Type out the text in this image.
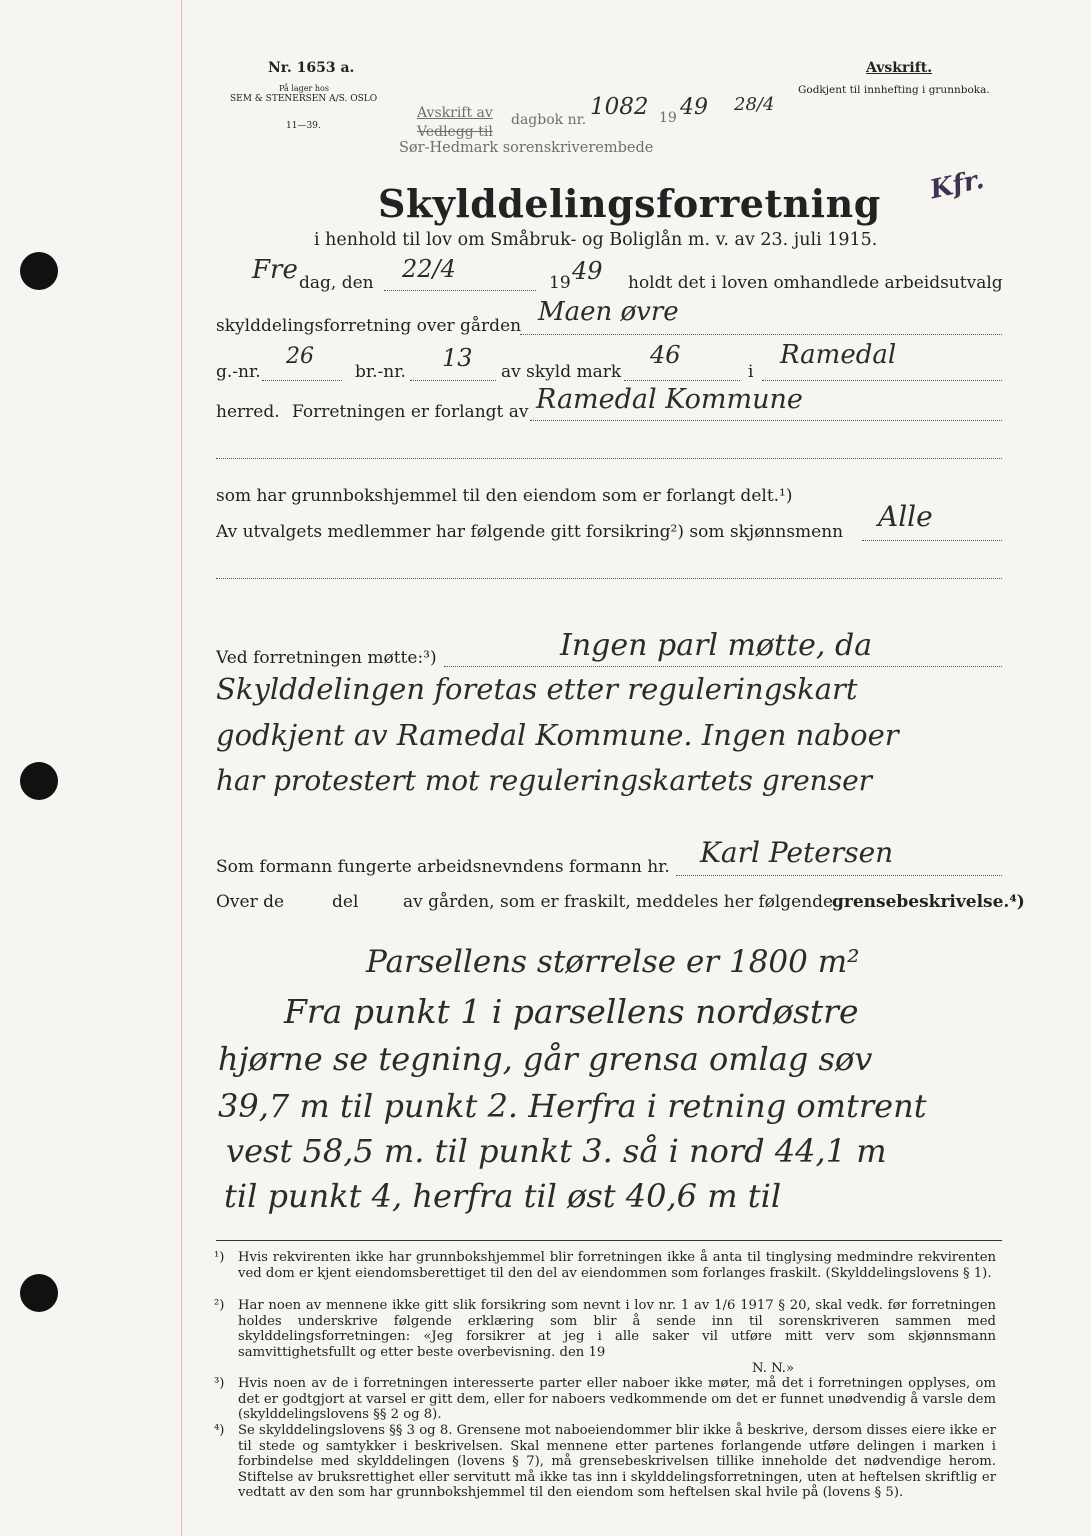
Nr. 1653 a.
På lager hos
SEM & STENERSEN A/S. OSLO
11—39.
Avskrift.
Godkjent til innhefting i grunnboka.
Avskrift av
Vedlegg til
dagbok nr. 1082 19 49 28/4
Sør-Hedmark sorenskriverembede
Kfr.
Skylddelingsforretning
i henhold til lov om Småbruk- og Boliglån m. v. av 23. juli 1915.
Fre dag, den 22/4	19 49 holdt det i loven omhandlede arbeidsutvalg
skylddelingsforretning over gården Maen øvre
g.-nr.
26
br.-nr. 13 av skyld mark
46
i
Ramedal
herred. Forretningen er forlangt av Ramedal Kommune
som har grunnbokshjemmel til den eiendom som er forlangt delt.¹)
Av utvalgets medlemmer har følgende gitt forsikring²) som skjønnsmenn Alle
Ved forretningen møtte:³)	Ingen parl møtte, da
Skylddelingen foretas etter reguleringskart
godkjent av Ramedal Kommune. Ingen naboer
har protestert mot reguleringskartets grenser
Som formann fungerte arbeidsnevndens formann hr. Karl Petersen
Over de	del	av gården, som er fraskilt, meddeles her følgende
grensebeskrivelse.⁴)
Parsellens størrelse er 1800 m²
Fra punkt 1 i parsellens nordøstre
hjørne se tegning, går grensa omlag søv
39,7 m til punkt 2. Herfra i retning omtrent
vest 58,5 m. til punkt 3. så i nord 44,1 m
til punkt 4, herfra til øst 40,6 m til
¹) Hvis rekvirenten ikke har grunnbokshjemmel blir forretningen ikke å anta til tinglysing medmindre rekvirenten ved dom er kjent eiendomsberettiget til den del av eiendommen som forlanges fraskilt. (Skylddelingslovens § 1).
²) Har noen av mennene ikke gitt slik forsikring som nevnt i lov nr. 1 av 1/6 1917 § 20, skal vedk. før forretningen holdes underskrive følgende erklæring som blir å sende inn til sorenskriveren sammen med skylddelingsforretningen: «Jeg forsikrer at jeg i alle saker vil utføre mitt verv som skjønnsmann samvittighetsfullt og etter beste overbevisning. den 19
N. N.»
³) Hvis noen av de i forretningen interesserte parter eller naboer ikke møter, må det i forretningen opplyses, om det er godtgjort at varsel er gitt dem, eller for naboers vedkommende om det er funnet unødvendig å varsle dem (skylddelingslovens §§ 2 og 8).
⁴) Se skylddelingslovens §§ 3 og 8. Grensene mot naboeiendommer blir ikke å beskrive, dersom disses eiere ikke er til stede og samtykker i beskrivelsen. Skal mennene etter partenes forlangende utføre delingen i marken i forbindelse med skylddelingen (lovens § 7), må grensebeskrivelsen tillike inneholde det nødvendige herom. Stiftelse av bruksrettighet eller servitutt må ikke tas inn i skylddelingsforretningen, uten at heftelsen skriftlig er vedtatt av den som har grunnbokshjemmel til den eiendom som heftelsen skal hvile på (lovens § 5).
